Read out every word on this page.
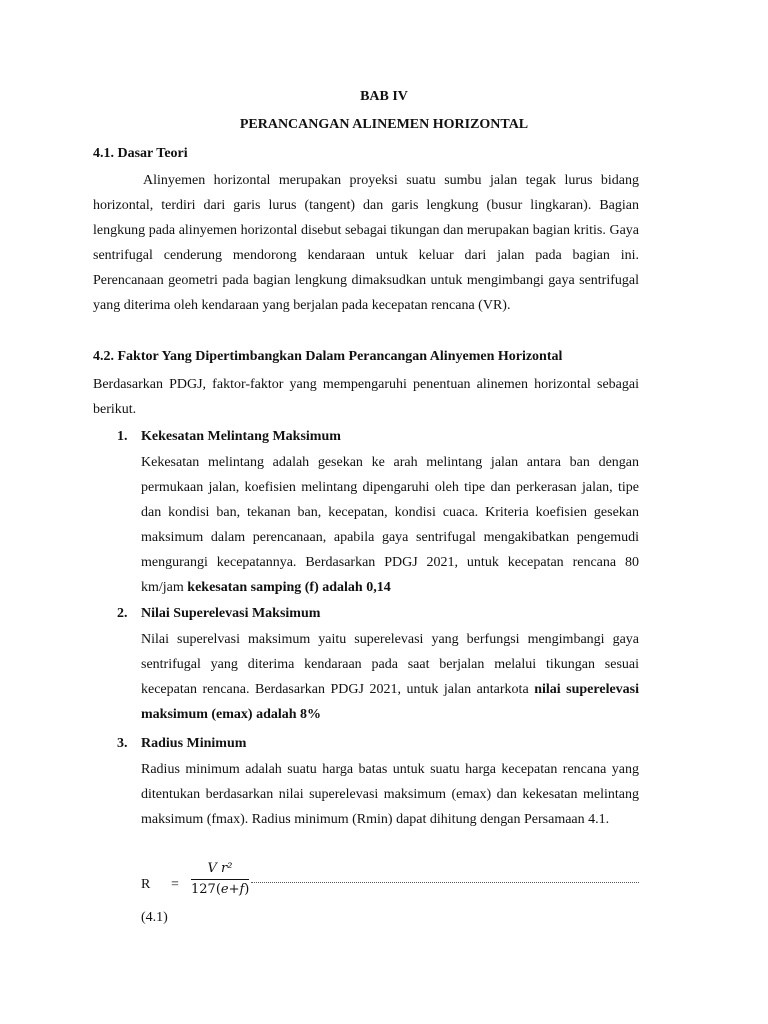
BAB IV
PERANCANGAN ALINEMEN HORIZONTAL
4.1. Dasar Teori

Alinyemen horizontal merupakan proyeksi suatu sumbu jalan tegak lurus bidang horizontal, terdiri dari garis lurus (tangent) dan garis lengkung (busur lingkaran). Bagian lengkung pada alinyemen horizontal disebut sebagai tikungan dan merupakan bagian kritis. Gaya sentrifugal cenderung mendorong kendaraan untuk keluar dari jalan pada bagian ini. Perencanaan geometri pada bagian lengkung dimaksudkan untuk mengimbangi gaya sentrifugal yang diterima oleh kendaraan yang berjalan pada kecepatan rencana (VR).

4.2. Faktor Yang Dipertimbangkan Dalam Perancangan Alinyemen Horizontal

Berdasarkan PDGJ, faktor-faktor yang mempengaruhi penentuan alinemen horizontal sebagai berikut.

1. Kekesatan Melintang Maksimum

Kekesatan melintang adalah gesekan ke arah melintang jalan antara ban dengan permukaan jalan, koefisien melintang dipengaruhi oleh tipe dan perkerasan jalan, tipe dan kondisi ban, tekanan ban, kecepatan, kondisi cuaca. Kriteria koefisien gesekan maksimum dalam perencanaan, apabila gaya sentrifugal mengakibatkan pengemudi mengurangi kecepatannya. Berdasarkan PDGJ 2021, untuk kecepatan rencana 80 km/jam kekesatan samping (f) adalah 0,14

2. Nilai Superelevasi Maksimum

Nilai superelvasi maksimum yaitu superelevasi yang berfungsi mengimbangi gaya sentrifugal yang diterima kendaraan pada saat berjalan melalui tikungan sesuai kecepatan rencana. Berdasarkan PDGJ 2021, untuk jalan antarkota nilai superelevasi maksimum (emax) adalah 8%

3. Radius Minimum

Radius minimum adalah suatu harga batas untuk suatu harga kecepatan rencana yang ditentukan berdasarkan nilai superelevasi maksimum (emax) dan kekesatan melintang maksimum (fmax). Radius minimum (Rmin) dapat dihitung dengan Persamaan 4.1.

R =
V r²
127(e+f)
(4.1)
